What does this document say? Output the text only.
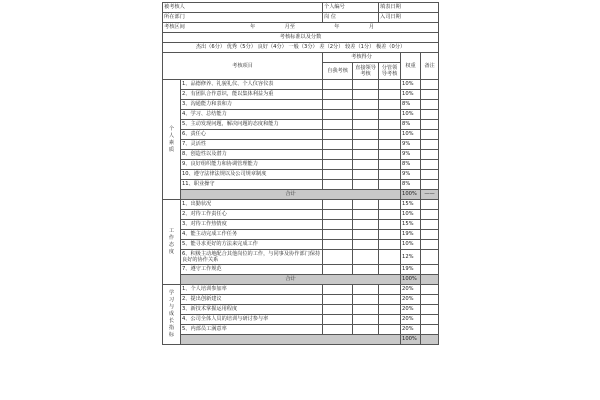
被考核人		个人编号		填表日期		
所在部门		岗 位		入司日期		
考核区间 年 月至 年 月						
考核标准以及分数						
杰出（6分） 优秀（5分） 良好（4分） 一般（3分） 差（2分） 较差（1分） 极差（0分）						
考核项目		考核得分			权重	备注
		自我考核	直接领导考核	分管领导考核		

个人素质	1、品德修养、礼貌礼仪、个人仪容仪表				10%	
	2、有团队合作意识，能以集体利益为重				10%	
	3、沟通能力和表和力				8%	
	4、学习、总结能力				10%	
	5、主动发现问题，解决问题的态度和能力				8%	
	6、责任心				10%	
	7、灵活性				9%	
	8、创造性以及潜力				9%	
	9、良好组织能力和协调管理能力				8%	
	10、遵守法律法规以及公司规章制度				9%	
	11、职业操守				8%	
	合计				100%	——

工作态度	1、出勤状况				15%	
	2、对待工作责任心				10%	
	3、对待工作热情度				15%	
	4、能主动完成工作任务				19%	
	5、能寻求更好的方法来完成工作				10%	
	6、积极主动地配合其他岗位的工作，与同事及协作部门保持良好的协作关系				12%	
	7、遵守工作规范				19%	
	合计				100%	

学习与成长指标	1、个人培训参加率				20%	
	2、提出创新建议				20%	
	3、新技术掌握运用程度				20%	
	4、公司全体人员的培训与研讨参与率				20%	
	5、内部员工满意率				20%	
					100%	
